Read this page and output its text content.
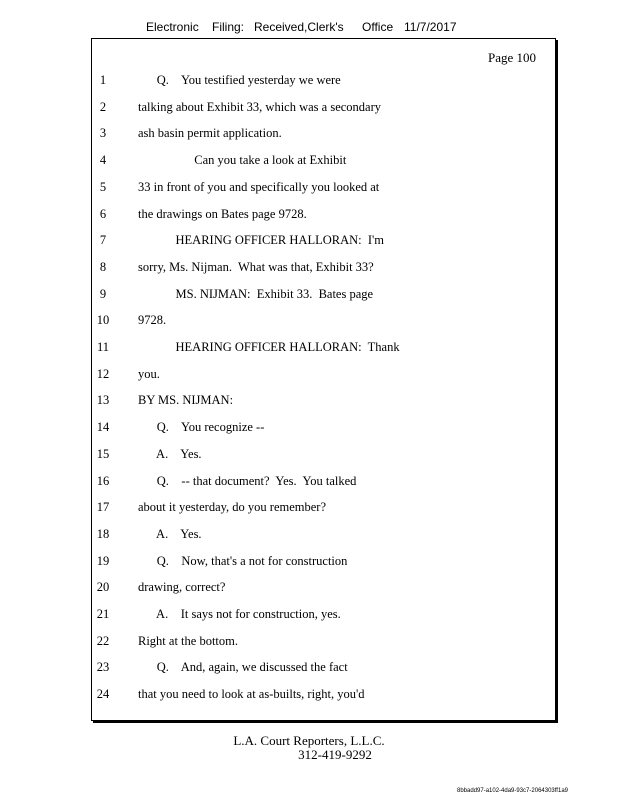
Electronic Filing: Received,Clerk's Office 11/7/2017
Page 100
1	Q.    You testified yesterday we were
2	talking about Exhibit 33, which was a secondary
3	ash basin permit application.
4	Can you take a look at Exhibit
5	33 in front of you and specifically you looked at
6	the drawings on Bates page 9728.
7	HEARING OFFICER HALLORAN:  I'm
8	sorry, Ms. Nijman.  What was that, Exhibit 33?
9	MS. NIJMAN:  Exhibit 33.  Bates page
10	9728.
11	HEARING OFFICER HALLORAN:  Thank
12	you.
13	BY MS. NIJMAN:
14	Q.    You recognize --
15	A.    Yes.
16	Q.    -- that document?  Yes.  You talked
17	about it yesterday, do you remember?
18	A.    Yes.
19	Q.    Now, that's a not for construction
20	drawing, correct?
21	A.    It says not for construction, yes.
22	Right at the bottom.
23	Q.    And, again, we discussed the fact
24	that you need to look at as-builts, right, you'd
L.A. Court Reporters, L.L.C.
312-419-9292
8bbadd97-a102-4da9-93c7-2064303ff1a9
